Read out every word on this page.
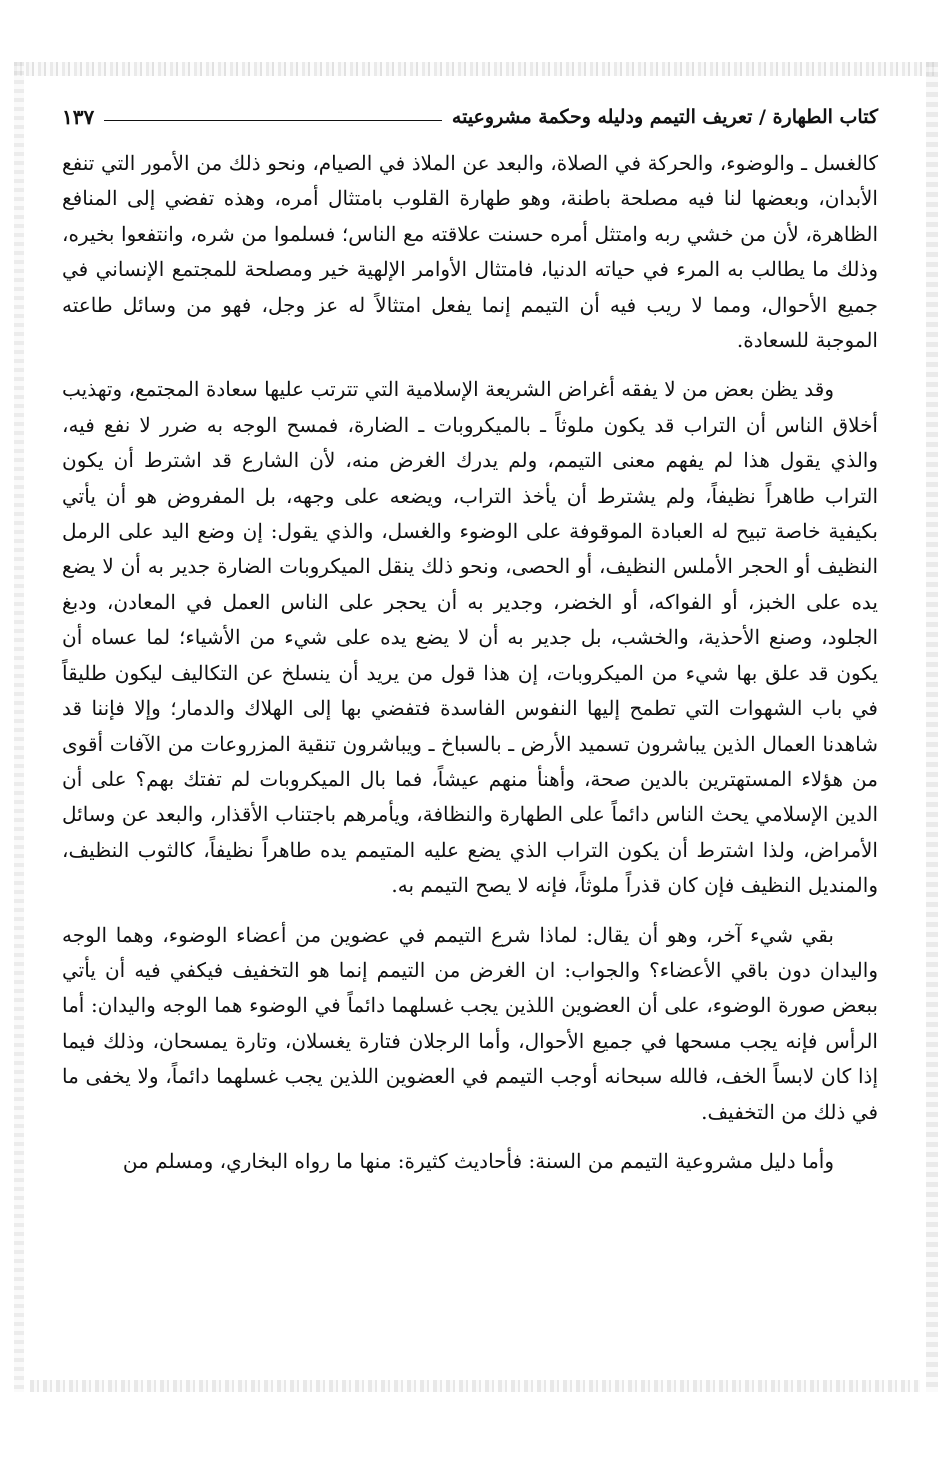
كتاب الطهارة / تعريف التيمم ودليله وحكمة مشروعيته
١٣٧

كالغسل ـ والوضوء، والحركة في الصلاة، والبعد عن الملاذ في الصيام، ونحو ذلك من الأمور التي تنفع الأبدان، وبعضها لنا فيه مصلحة باطنة، وهو طهارة القلوب بامتثال أمره، وهذه تفضي إلى المنافع الظاهرة، لأن من خشي ربه وامتثل أمره حسنت علاقته مع الناس؛ فسلموا من شره، وانتفعوا بخيره، وذلك ما يطالب به المرء في حياته الدنيا، فامتثال الأوامر الإلهية خير ومصلحة للمجتمع الإنساني في جميع الأحوال، ومما لا ريب فيه أن التيمم إنما يفعل امتثالاً له عز وجل، فهو من وسائل طاعته الموجبة للسعادة.

وقد يظن بعض من لا يفقه أغراض الشريعة الإسلامية التي تترتب عليها سعادة المجتمع، وتهذيب أخلاق الناس أن التراب قد يكون ملوثاً ـ بالميكروبات ـ الضارة، فمسح الوجه به ضرر لا نفع فيه، والذي يقول هذا لم يفهم معنى التيمم، ولم يدرك الغرض منه، لأن الشارع قد اشترط أن يكون التراب طاهراً نظيفاً، ولم يشترط أن يأخذ التراب، ويضعه على وجهه، بل المفروض هو أن يأتي بكيفية خاصة تبيح له العبادة الموقوفة على الوضوء والغسل، والذي يقول: إن وضع اليد على الرمل النظيف أو الحجر الأملس النظيف، أو الحصى، ونحو ذلك ينقل الميكروبات الضارة جدير به أن لا يضع يده على الخبز، أو الفواكه، أو الخضر، وجدير به أن يحجر على الناس العمل في المعادن، ودبغ الجلود، وصنع الأحذية، والخشب، بل جدير به أن لا يضع يده على شيء من الأشياء؛ لما عساه أن يكون قد علق بها شيء من الميكروبات، إن هذا قول من يريد أن ينسلخ عن التكاليف ليكون طليقاً في باب الشهوات التي تطمح إليها النفوس الفاسدة فتفضي بها إلى الهلاك والدمار؛ وإلا فإننا قد شاهدنا العمال الذين يباشرون تسميد الأرض ـ بالسباخ ـ ويباشرون تنقية المزروعات من الآفات أقوى من هؤلاء المستهترين بالدين صحة، وأهنأ منهم عيشاً، فما بال الميكروبات لم تفتك بهم؟ على أن الدين الإسلامي يحث الناس دائماً على الطهارة والنظافة، ويأمرهم باجتناب الأقذار، والبعد عن وسائل الأمراض، ولذا اشترط أن يكون التراب الذي يضع عليه المتيمم يده طاهراً نظيفاً، كالثوب النظيف، والمنديل النظيف فإن كان قذراً ملوثاً، فإنه لا يصح التيمم به.

بقي شيء آخر، وهو أن يقال: لماذا شرع التيمم في عضوين من أعضاء الوضوء، وهما الوجه واليدان دون باقي الأعضاء؟ والجواب: ان الغرض من التيمم إنما هو التخفيف فيكفي فيه أن يأتي ببعض صورة الوضوء، على أن العضوين اللذين يجب غسلهما دائماً في الوضوء هما الوجه واليدان: أما الرأس فإنه يجب مسحها في جميع الأحوال، وأما الرجلان فتارة يغسلان، وتارة يمسحان، وذلك فيما إذا كان لابساً الخف، فالله سبحانه أوجب التيمم في العضوين اللذين يجب غسلهما دائماً، ولا يخفى ما في ذلك من التخفيف.

وأما دليل مشروعية التيمم من السنة: فأحاديث كثيرة: منها ما رواه البخاري، ومسلم من
